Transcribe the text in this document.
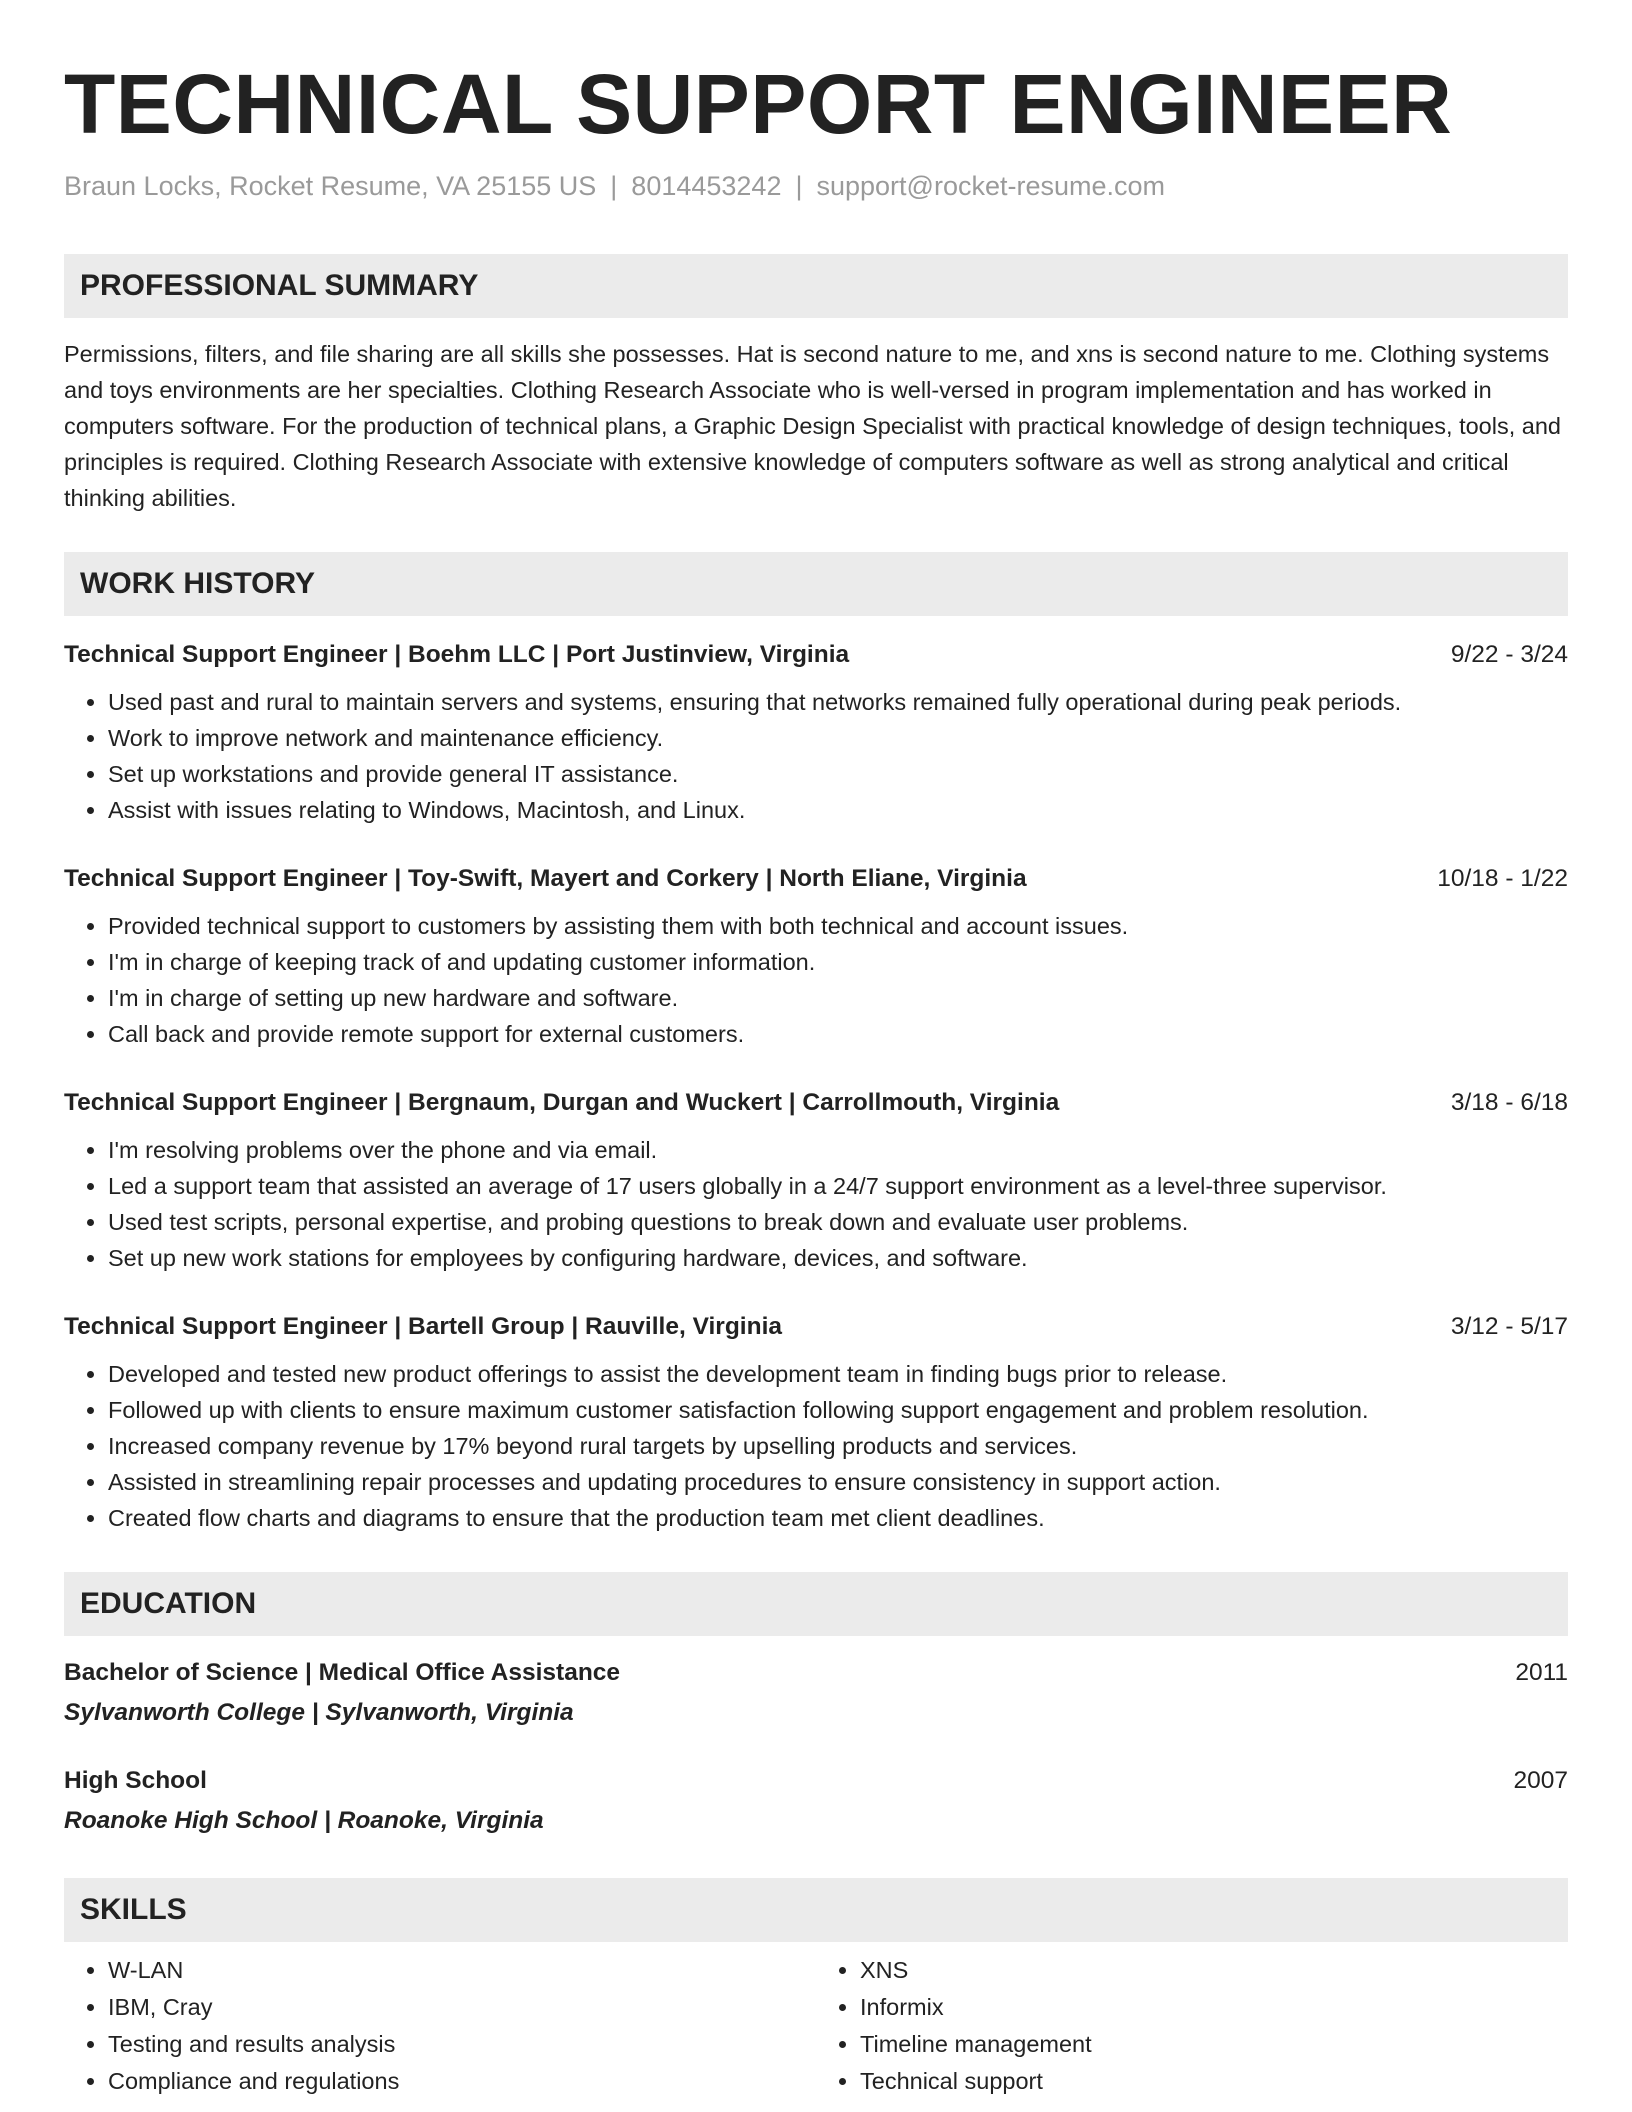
TECHNICAL SUPPORT ENGINEER
Braun Locks, Rocket Resume, VA 25155 US | 8014453242 | support@rocket-resume.com
PROFESSIONAL SUMMARY

Permissions, filters, and file sharing are all skills she possesses. Hat is second nature to me, and xns is second nature to me. Clothing systems and toys environments are her specialties. Clothing Research Associate who is well-versed in program implementation and has worked in computers software. For the production of technical plans, a Graphic Design Specialist with practical knowledge of design techniques, tools, and principles is required. Clothing Research Associate with extensive knowledge of computers software as well as strong analytical and critical thinking abilities.

WORK HISTORY
Technical Support Engineer | Boehm LLC | Port Justinview, Virginia	9/22 - 3/24
• Used past and rural to maintain servers and systems, ensuring that networks remained fully operational during peak periods.
• Work to improve network and maintenance efficiency.
• Set up workstations and provide general IT assistance.
• Assist with issues relating to Windows, Macintosh, and Linux.
Technical Support Engineer | Toy-Swift, Mayert and Corkery | North Eliane, Virginia	10/18 - 1/22
• Provided technical support to customers by assisting them with both technical and account issues.
• I'm in charge of keeping track of and updating customer information.
• I'm in charge of setting up new hardware and software.
• Call back and provide remote support for external customers.
Technical Support Engineer | Bergnaum, Durgan and Wuckert | Carrollmouth, Virginia	3/18 - 6/18
• I'm resolving problems over the phone and via email.
• Led a support team that assisted an average of 17 users globally in a 24/7 support environment as a level-three supervisor.
• Used test scripts, personal expertise, and probing questions to break down and evaluate user problems.
• Set up new work stations for employees by configuring hardware, devices, and software.
Technical Support Engineer | Bartell Group | Rauville, Virginia	3/12 - 5/17
• Developed and tested new product offerings to assist the development team in finding bugs prior to release.
• Followed up with clients to ensure maximum customer satisfaction following support engagement and problem resolution.
• Increased company revenue by 17% beyond rural targets by upselling products and services.
• Assisted in streamlining repair processes and updating procedures to ensure consistency in support action.
• Created flow charts and diagrams to ensure that the production team met client deadlines.
EDUCATION
Bachelor of Science | Medical Office Assistance	2011
Sylvanworth College | Sylvanworth, Virginia
High School	2007
Roanoke High School | Roanoke, Virginia
SKILLS
• W-LAN
• IBM, Cray
• Testing and results analysis
• Compliance and regulations
• XNS
• Informix
• Timeline management
• Technical support
